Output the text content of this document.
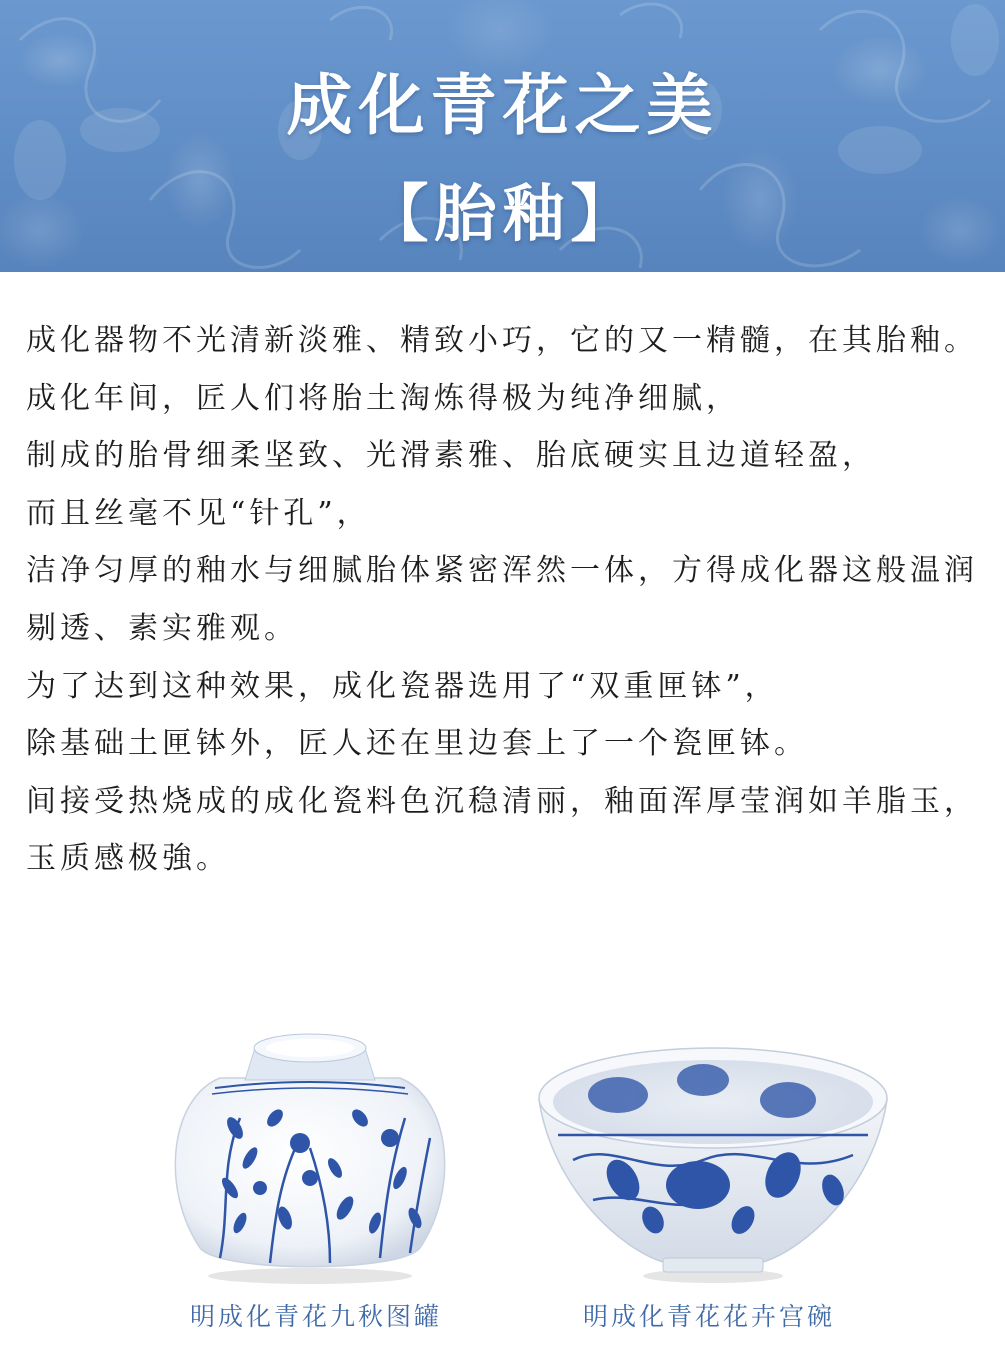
成化青花之美
【胎釉】

成化器物不光清新淡雅、精致小巧，它的又一精髓，在其胎釉。

成化年间，匠人们将胎土淘炼得极为纯净细腻，

制成的胎骨细柔坚致、光滑素雅、胎底硬实且边道轻盈，

而且丝毫不见“针孔”，

洁净匀厚的釉水与细腻胎体紧密浑然一体，方得成化器这般温润剔透、素实雅观。

为了达到这种效果，成化瓷器选用了“双重匣钵”，

除基础土匣钵外，匠人还在里边套上了一个瓷匣钵。

间接受热烧成的成化瓷料色沉稳清丽，釉面浑厚莹润如羊脂玉，玉质感极強。

明成化青花九秋图罐	明成化青花花卉宫碗
